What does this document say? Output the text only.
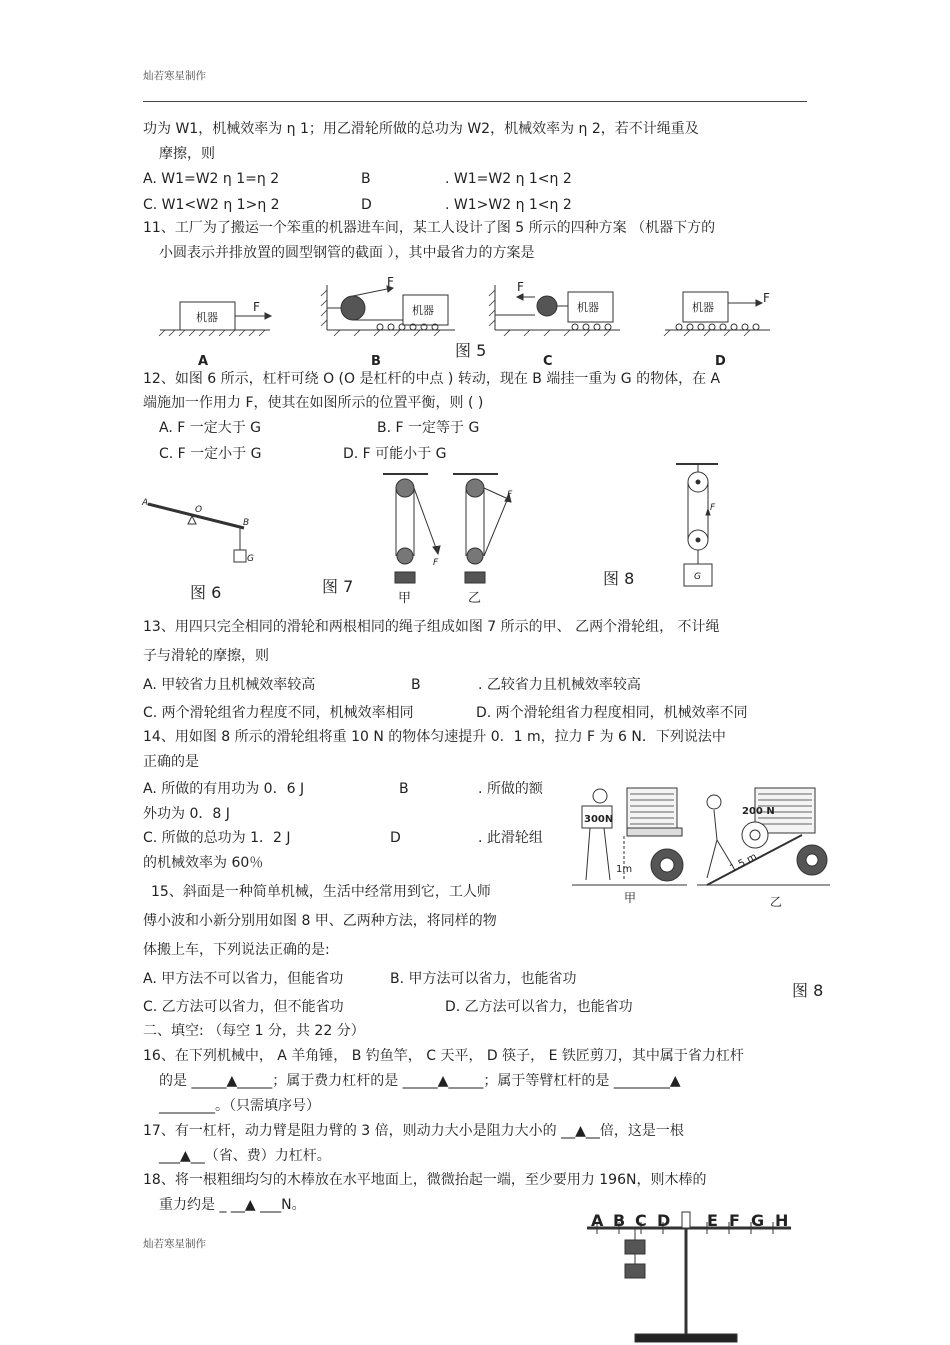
灿若寒星制作
功为 W1，机械效率为 η 1；用乙滑轮所做的总功为 W2，机械效率为 η 2，若不计绳重及
摩擦，则
A. W1=W2 η 1=η 2	B	. W1=W2 η 1<η 2
C. W1<W2 η 1>η 2	D	. W1>W2 η 1<η 2
11、工厂为了搬运一个笨重的机器进车间，某工人设计了图 5 所示的四种方案 （机器下方的
小圆表示并排放置的圆型钢管的截面 ），其中最省力的方案是
机器
F	机器
F
机器
F
机器
F
图 5
A	B	C	D
12、如图 6 所示，杠杆可绕 O (O 是杠杆的中点 ) 转动，现在 B 端挂一重为 G 的物体，在 A
端施加一作用力 F，使其在如图所示的位置平衡，则 ( )
A. F 一定大于 G	B. F 一定等于 G
C. F 一定小于 G	D. F 可能小于 G
A
O
B
G
图 6	图 7
F
F
甲	乙
F
G
图 8
13、用四只完全相同的滑轮和两根相同的绳子组成如图 7 所示的甲、 乙两个滑轮组， 不计绳
子与滑轮的摩擦，则
A. 甲较省力且机械效率较高	B	. 乙较省力且机械效率较高
C. 两个滑轮组省力程度不同，机械效率相同	D. 两个滑轮组省力程度相同，机械效率不同
14、用如图 8 所示的滑轮组将重 10 N 的物体匀速提升 0．1 m，拉力 F 为 6 N．下列说法中
正确的是
A. 所做的有用功为 0．6 J	B	. 所做的额
外功为 0．8 J
C. 所做的总功为 1．2 J	D	. 此滑轮组
的机械效率为 60％
15、斜面是一种简单机械，生活中经常用到它，工人师
傅小波和小新分别用如图 8 甲、乙两种方法，将同样的物
体搬上车，下列说法正确的是:
A. 甲方法不可以省力，但能省功	B. 甲方法可以省力，也能省功
C. 乙方法可以省力，但不能省功	D. 乙方法可以省力，也能省功
300N
200 N
1m	1.5 m
甲	乙
图 8
二、填空: （每空 1 分，共 22 分）
16、在下列机械中， A 羊角锤， B 钓鱼竿， C 天平， D 筷子， E 铁匠剪刀，其中属于省力杠杆
的是 _____▲_____；属于费力杠杆的是 _____▲_____；属于等臂杠杆的是 ________▲
________。（只需填序号）
17、有一杠杆，动力臂是阻力臂的 3 倍，则动力大小是阻力大小的 __▲__倍，这是一根
___▲__（省、费）力杠杆。
18、将一根粗细均匀的木棒放在水平地面上，微微抬起一端，至少要用力 196N，则木棒的
重力约是 _ __▲ ___N。
A B C D E F G H
灿若寒星制作
